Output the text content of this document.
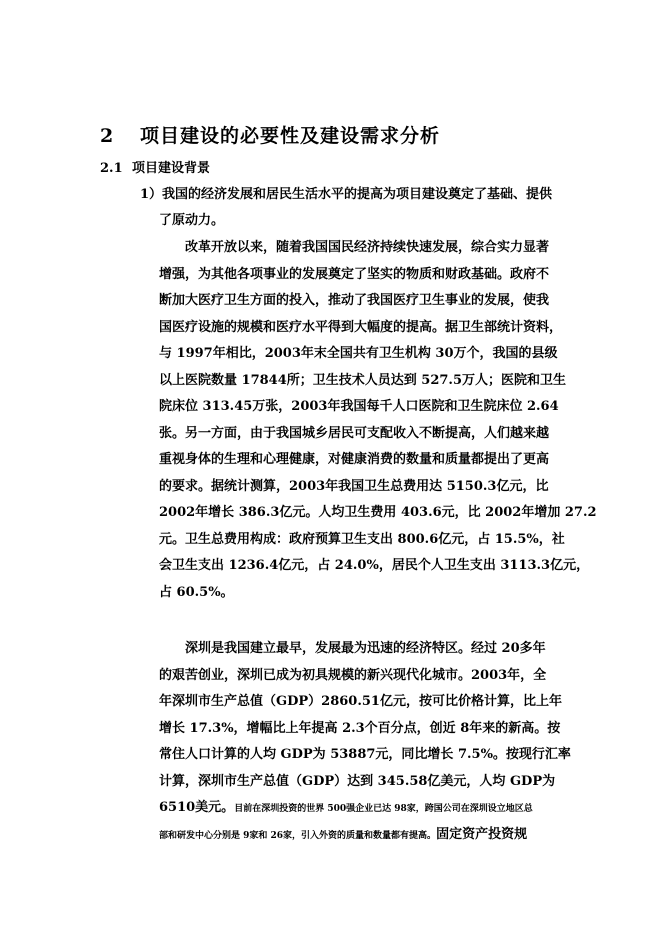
2 项目建设的必要性及建设需求分析
2.1 项目建设背景
1）我国的经济发展和居民生活水平的提高为项目建设奠定了基础、提供
了原动力。
　　改革开放以来，随着我国国民经济持续快速发展，综合实力显著
增强，为其他各项事业的发展奠定了坚实的物质和财政基础。政府不
断加大医疗卫生方面的投入，推动了我国医疗卫生事业的发展，使我
国医疗设施的规模和医疗水平得到大幅度的提高。据卫生部统计资料，
与 1997年相比，2003年末全国共有卫生机构 30万个，我国的县级
以上医院数量 17844所；卫生技术人员达到 527.5万人；医院和卫生
院床位 313.45万张，2003年我国每千人口医院和卫生院床位 2.64
张。另一方面，由于我国城乡居民可支配收入不断提高，人们越来越
重视身体的生理和心理健康，对健康消费的数量和质量都提出了更高
的要求。据统计测算，2003年我国卫生总费用达 5150.3亿元，比
2002年增长 386.3亿元。人均卫生费用 403.6元，比 2002年增加 27.2
元。卫生总费用构成：政府预算卫生支出 800.6亿元，占 15.5%，社
会卫生支出 1236.4亿元，占 24.0%，居民个人卫生支出 3113.3亿元，
占 60.5%。
　　深圳是我国建立最早，发展最为迅速的经济特区。经过 20多年
的艰苦创业，深圳已成为初具规模的新兴现代化城市。2003年，全
年深圳市生产总值（GDP）2860.51亿元，按可比价格计算，比上年
增长 17.3%，增幅比上年提高 2.3个百分点，创近 8年来的新高。按
常住人口计算的人均 GDP为 53887元，同比增长 7.5%。按现行汇率
计算，深圳市生产总值（GDP）达到 345.58亿美元，人均 GDP为
6510美元。目前在深圳投资的世界 500强企业已达 98家，跨国公司在深圳设立地区总
部和研发中心分别是 9家和 26家，引入外资的质量和数量都有提高。固定资产投资规
